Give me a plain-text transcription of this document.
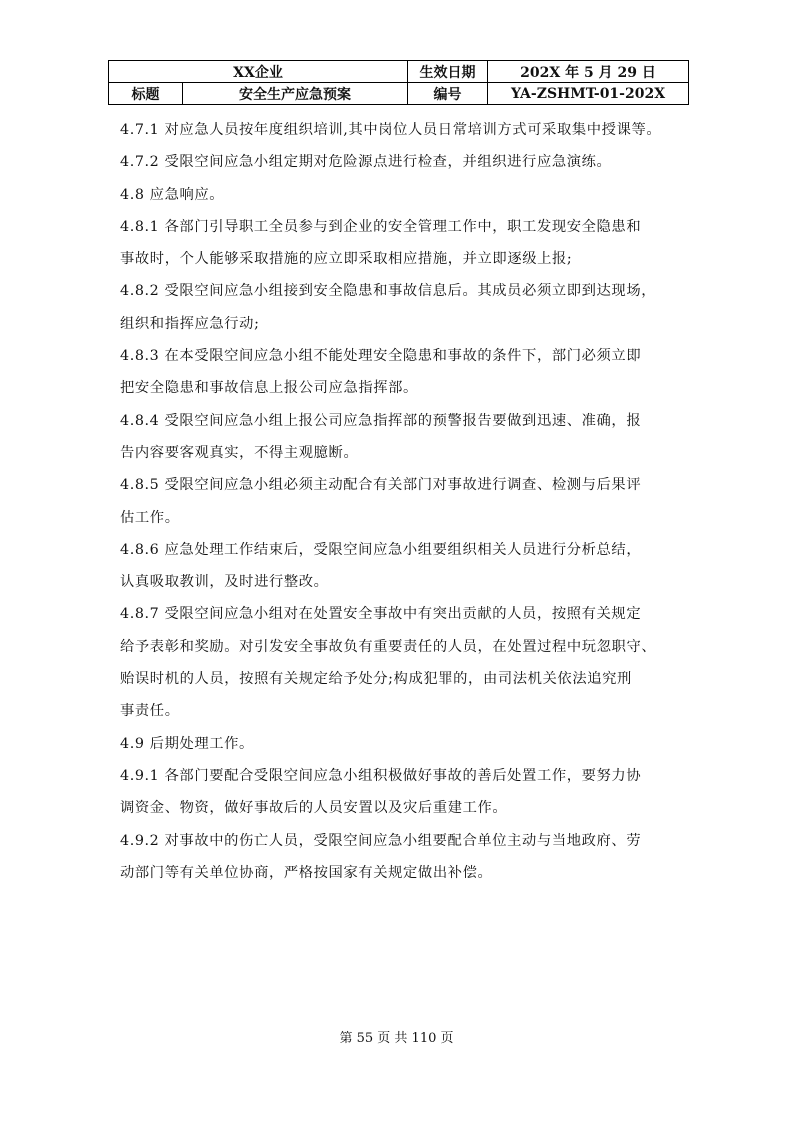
XX企业		生效日期	202X 年 5 月 29 日
标题	安全生产应急预案	编号	YA-ZSHMT-01-202X

4.7.1 对应急人员按年度组织培训,其中岗位人员日常培训方式可采取集中授课等。

4.7.2 受限空间应急小组定期对危险源点进行检查，并组织进行应急演练。

4.8 应急响应。

4.8.1 各部门引导职工全员参与到企业的安全管理工作中，职工发现安全隐患和

事故时，个人能够采取措施的应立即采取相应措施，并立即逐级上报;

4.8.2 受限空间应急小组接到安全隐患和事故信息后。其成员必须立即到达现场，

组织和指挥应急行动;

4.8.3 在本受限空间应急小组不能处理安全隐患和事故的条件下，部门必须立即

把安全隐患和事故信息上报公司应急指挥部。

4.8.4 受限空间应急小组上报公司应急指挥部的预警报告要做到迅速、准确，报

告内容要客观真实，不得主观臆断。

4.8.5 受限空间应急小组必须主动配合有关部门对事故进行调查、检测与后果评

估工作。

4.8.6 应急处理工作结束后，受限空间应急小组要组织相关人员进行分析总结，

认真吸取教训，及时进行整改。

4.8.7 受限空间应急小组对在处置安全事故中有突出贡献的人员，按照有关规定

给予表彰和奖励。对引发安全事故负有重要责任的人员，在处置过程中玩忽职守、

贻误时机的人员，按照有关规定给予处分;构成犯罪的，由司法机关依法追究刑

事责任。

4.9 后期处理工作。

4.9.1 各部门要配合受限空间应急小组积极做好事故的善后处置工作，要努力协

调资金、物资，做好事故后的人员安置以及灾后重建工作。

4.9.2 对事故中的伤亡人员，受限空间应急小组要配合单位主动与当地政府、劳

动部门等有关单位协商，严格按国家有关规定做出补偿。

第 55 页 共 110 页
